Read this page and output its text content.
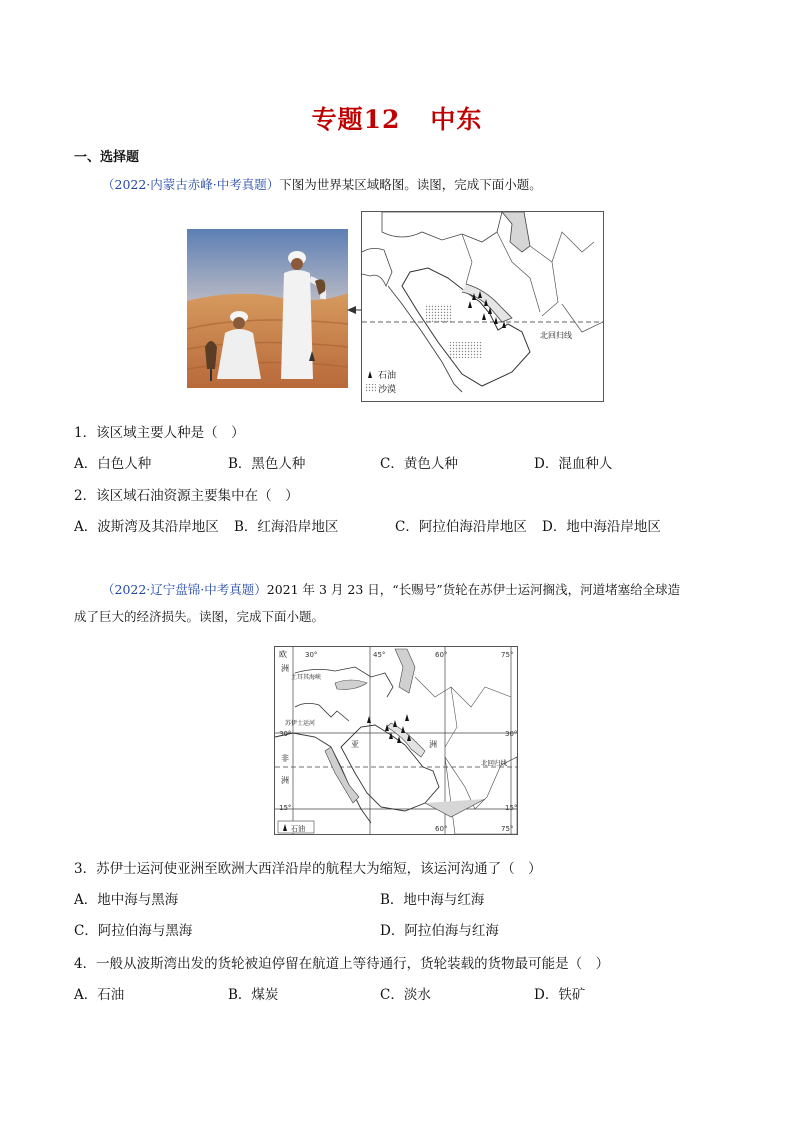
专题12 中东
一、选择题
（2022·内蒙古赤峰·中考真题）下图为世界某区域略图。读图，完成下面小题。
北回归线
石油
沙漠
1．该区域主要人种是（　）
A．白色人种	B．黑色人种	C．黄色人种	D．混血种人
2．该区域石油资源主要集中在（　）
A．波斯湾及其沿岸地区 B．红海沿岸地区	C．阿拉伯海沿岸地区 D．地中海沿岸地区
（2022·辽宁盘锦·中考真题）2021 年 3 月 23 日，“长赐号”货轮在苏伊士运河搁浅，河道堵塞给全球造
成了巨大的经济损失。读图，完成下面小题。
欧
洲
土耳其海峡
苏伊士运河
非
洲
亚	洲
北回归线
30°	45°	60°	75°
30°	30°
15°	15°
60°	75°
石油
3．苏伊士运河使亚洲至欧洲大西洋沿岸的航程大为缩短，该运河沟通了（　）
A．地中海与黑海	B．地中海与红海
C．阿拉伯海与黑海	D．阿拉伯海与红海
4．一般从波斯湾出发的货轮被迫停留在航道上等待通行，货轮装载的货物最可能是（　）
A．石油	B．煤炭	C．淡水	D．铁矿
